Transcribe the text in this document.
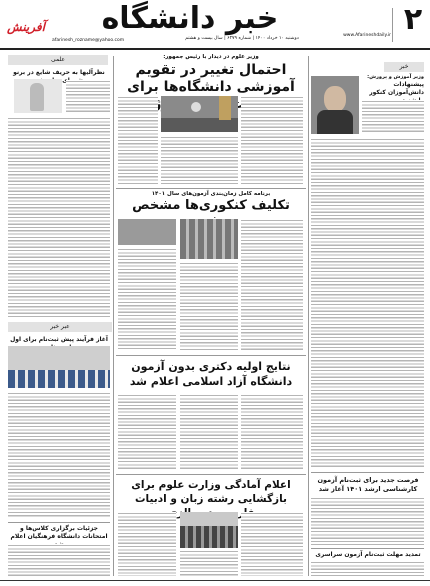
۲
www.Afarineshdaily.ir
خبر دانشگاه
دوشنبه ۱۰ خرداد ۱۴۰۰ | شماره ۶۲۷۹ | سال بیست و هشتم
afarinesh_rozname@yahoo.com
آفرینش
خبر
علمی
عبر خبر
وزیر علوم در دیدار با رئیس جمهور:
احتمال تغییر در تقویم آموزشی دانشگاه‌ها برای
برنامه کامل زمان‌بندی آزمون‌های سال ۱۴۰۱
تکلیف کنکوری‌ها مشخص
نتایج اولیه دکتری بدون آزمون دانشگاه آزاد اسلامی اعلام شد
اعلام آمادگی وزارت علوم برای بازگشایی رشته زبان و ادبیات
وزیر آموزش و پرورش:
پیشنهادات دانش‌آموزان کنکور
فرصت جدید برای ثبت‌نام آزمون کارشناسی ارشد ۱۴۰۱ آغاز شد
تمدید مهلت ثبت‌نام آزمون سراسری
نظرآلیها به حریف شایع در برنو
آغاز فرآیند پیش ثبت‌نام برای اول
جزئیات برگزاری کلاس‌ها و امتحانات دانشگاه فرهنگیان اعلام
